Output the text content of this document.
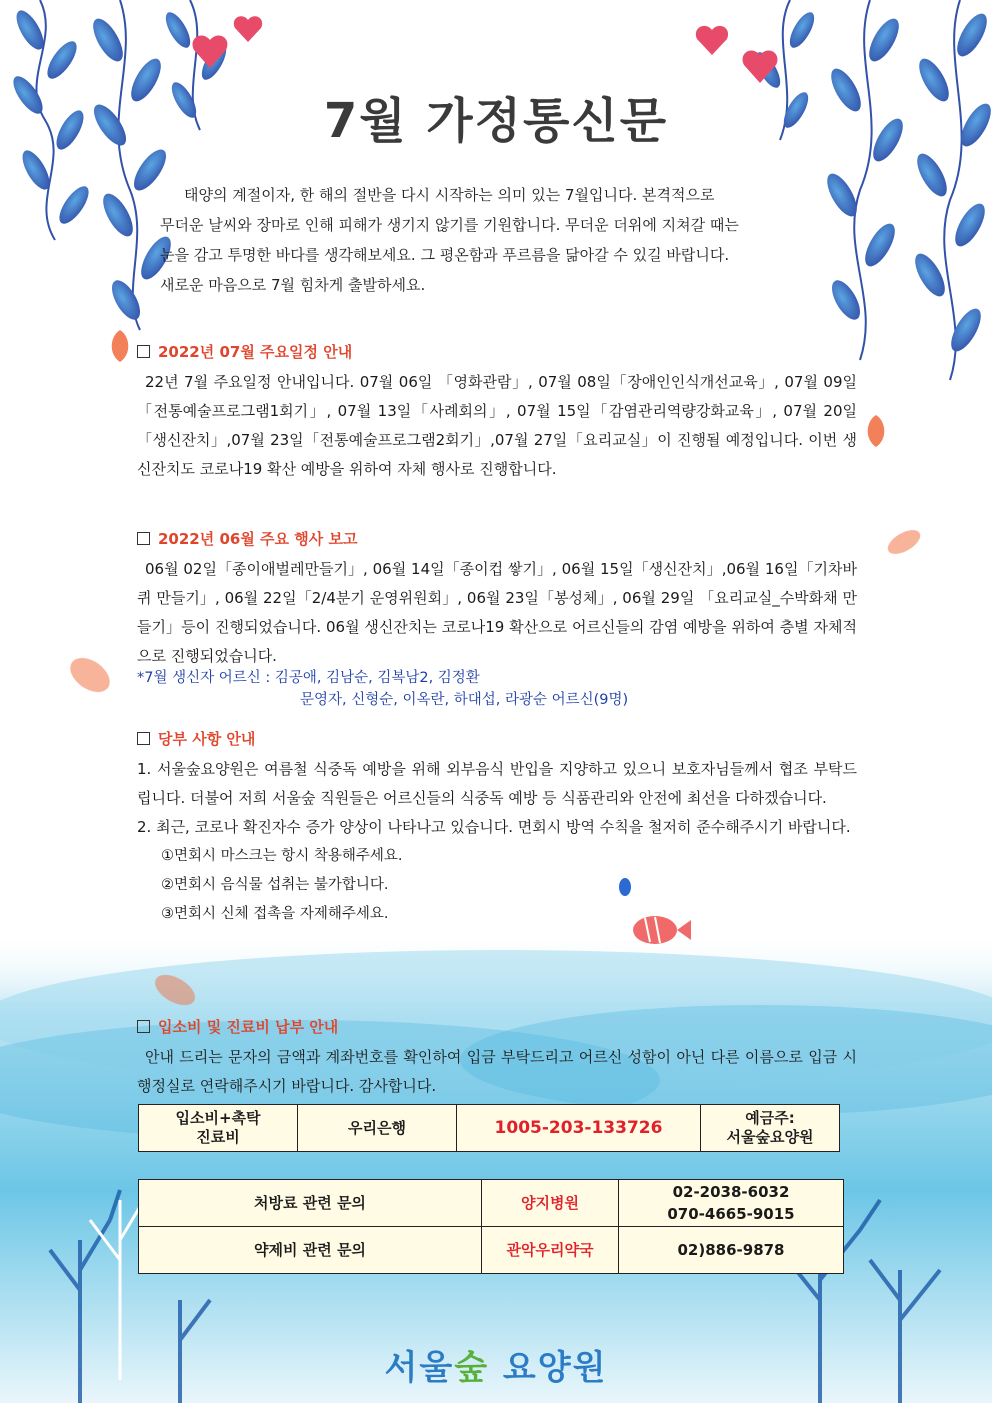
7월 가정통신문

태양의 계절이자, 한 해의 절반을 다시 시작하는 의미 있는 7월입니다. 본격적으로

무더운 날씨와 장마로 인해 피해가 생기지 않기를 기원합니다. 무더운 더위에 지쳐갈 때는

눈을 감고 투명한 바다를 생각해보세요. 그 평온함과 푸르름을 닮아갈 수 있길 바랍니다.

새로운 마음으로 7월 힘차게 출발하세요.

2022년 07월 주요일정 안내

22년 7월 주요일정 안내입니다. 07월 06일 「영화관람」, 07월 08일「장애인인식개선교육」, 07월 09일「전통예술프로그램1회기」, 07월 13일「사례회의」, 07월 15일「감염관리역량강화교육」, 07월 20일「생신잔치」,07월 23일「전통예술프로그램2회기」,07월 27일「요리교실」이 진행될 예정입니다. 이번 생신잔치도 코로나19 확산 예방을 위하여 자체 행사로 진행합니다.

2022년 06월 주요 행사 보고

06월 02일「종이애벌레만들기」, 06월 14일「종이컵 쌓기」, 06월 15일「생신잔치」,06월 16일「기차바퀴 만들기」, 06월 22일「2/4분기 운영위원회」, 06월 23일「봉성체」, 06월 29일 「요리교실_수박화채 만들기」등이 진행되었습니다. 06월 생신잔치는 코로나19 확산으로 어르신들의 감염 예방을 위하여 층별 자체적으로 진행되었습니다.

*7월 생신자 어르신 : 김공애, 김남순, 김복남2, 김정환
문영자, 신형순, 이옥란, 하대섭, 라광순 어르신(9명)
당부 사항 안내

1. 서울숲요양원은 여름철 식중독 예방을 위해 외부음식 반입을 지양하고 있으니 보호자님들께서 협조 부탁드립니다. 더불어 저희 서울숲 직원들은 어르신들의 식중독 예방 등 식품관리와 안전에 최선을 다하겠습니다.

2. 최근, 코로나 확진자수 증가 양상이 나타나고 있습니다. 면회시 방역 수칙을 철저히 준수해주시기 바랍니다.

①면회시 마스크는 항시 착용해주세요.

②면회시 음식물 섭취는 불가합니다.

③면회시 신체 접촉을 자제해주세요.

입소비 및 진료비 납부 안내

안내 드리는 문자의 금액과 계좌번호를 확인하여 입금 부탁드리고 어르신 성함이 아닌 다른 이름으로 입금 시 행정실로 연락해주시기 바랍니다. 감사합니다.

입소비+촉탁
진료비
	우리은행	1005-203-133726	예금주:
서울숲요양원
처방료 관련 문의	양지병원	02-2038-6032
070-4665-9015

약제비 관련 문의	관악우리약국	02)886-9878
서울숲 요양원
